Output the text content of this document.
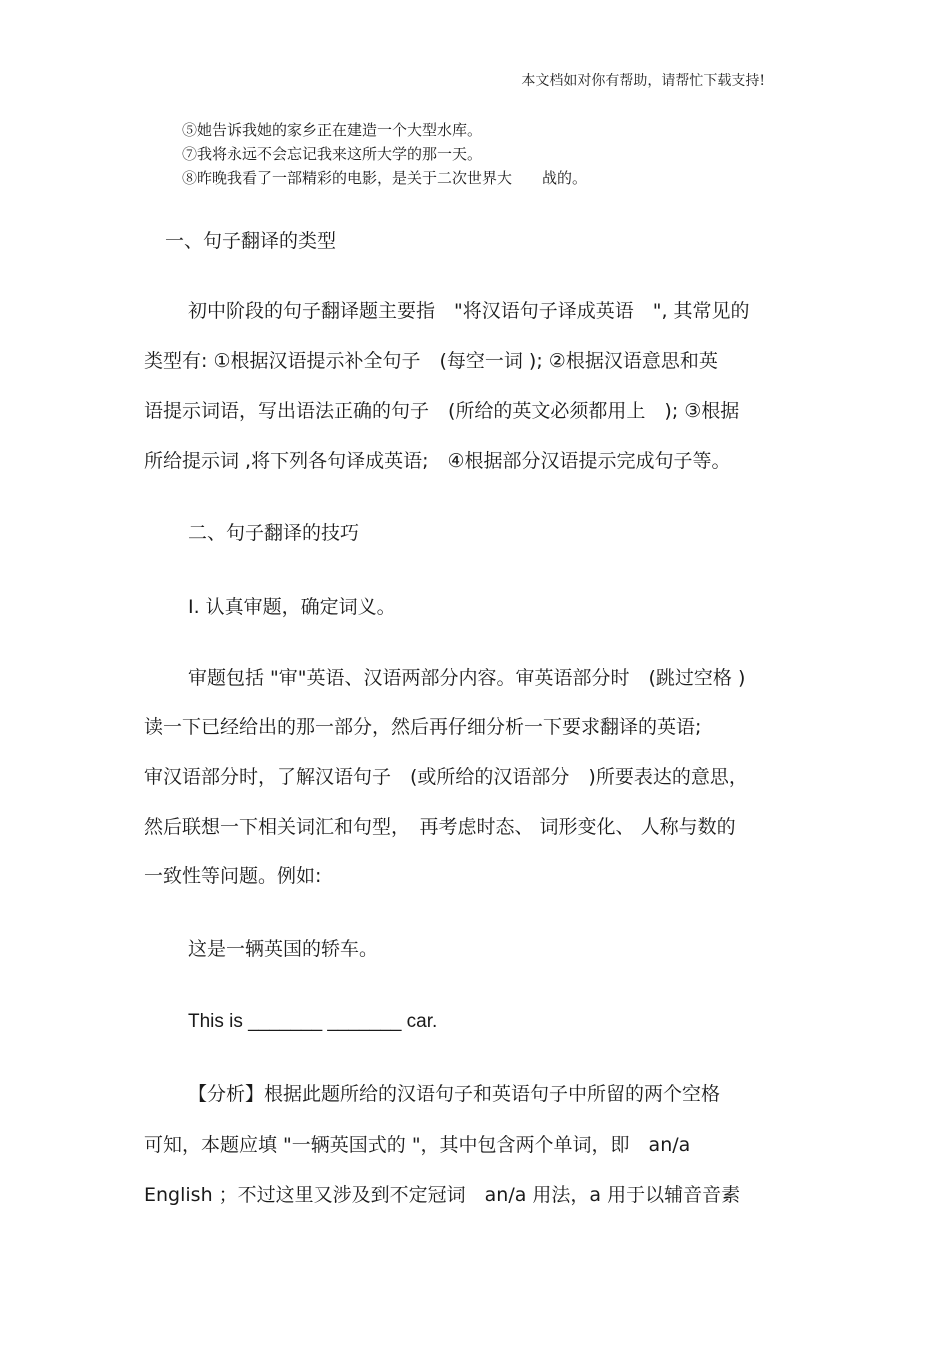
本文档如对你有帮助，请帮忙下载支持!
⑤她告诉我她的家乡正在建造一个大型水库。
⑦我将永远不会忘记我来这所大学的那一天。
⑧昨晚我看了一部精彩的电影，是关于二次世界大　　战的。
一、句子翻译的类型
初中阶段的句子翻译题主要指　"将汉语句子译成英语　", 其常见的
类型有: ①根据汉语提示补全句子　(每空一词 ); ②根据汉语意思和英
语提示词语，写出语法正确的句子　(所给的英文必须都用上　); ③根据
所给提示词 ,将下列各句译成英语;　④根据部分汉语提示完成句子等。
二、句子翻译的技巧
I. 认真审题，确定词义。
审题包括 "审"英语、汉语两部分内容。审英语部分时　(跳过空格 )
读一下已经给出的那一部分，然后再仔细分析一下要求翻译的英语;
审汉语部分时，了解汉语句子　(或所给的汉语部分　)所要表达的意思，
然后联想一下相关词汇和句型，　再考虑时态、 词形变化、 人称与数的
一致性等问题。例如:
这是一辆英国的轿车。
This is _______ _______ car.
【分析】根据此题所给的汉语句子和英语句子中所留的两个空格
可知，本题应填 "一辆英国式的 "，其中包含两个单词，即　an/a
English ；不过这里又涉及到不定冠词　an/a 用法，a 用于以辅音音素
